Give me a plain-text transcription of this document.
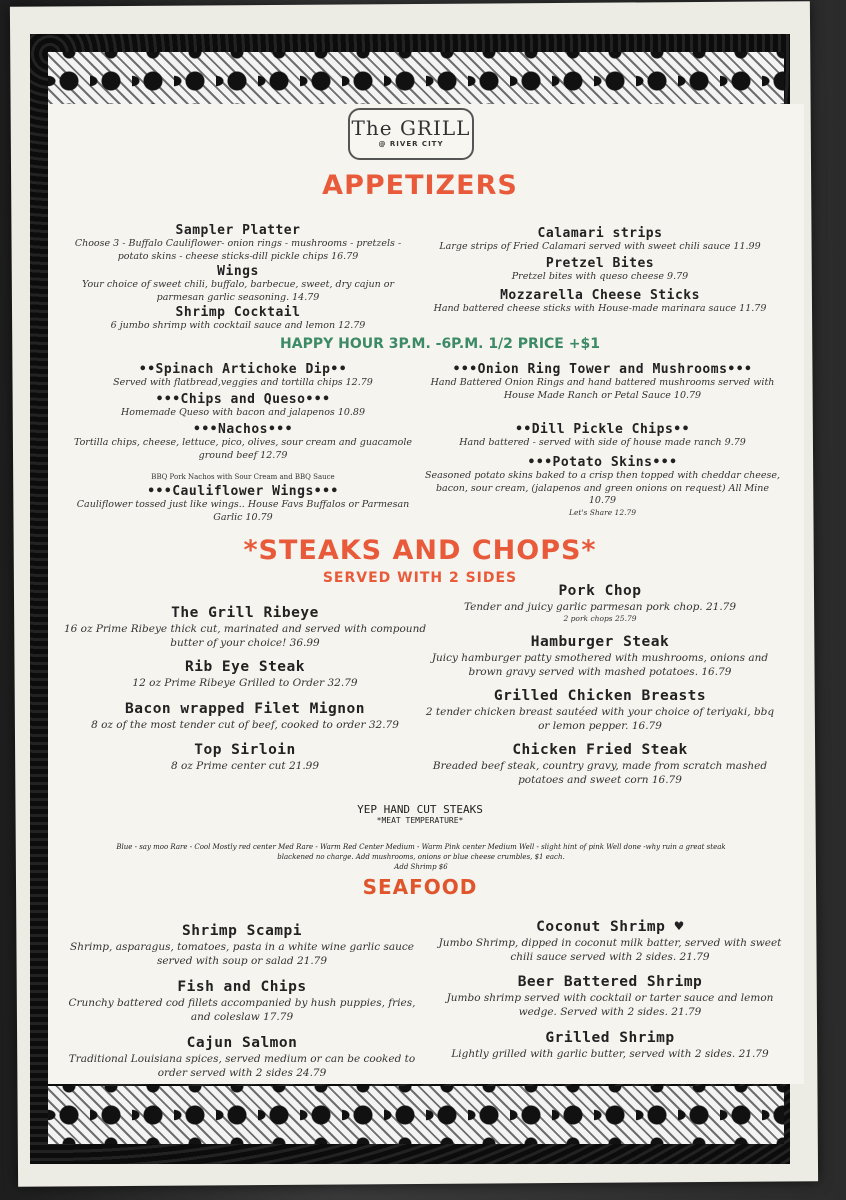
The GRILL
@ RIVER CITY
APPETIZERS
Sampler Platter
Choose 3 - Buffalo Cauliflower- onion rings - mushrooms - pretzels - potato skins - cheese sticks-dill pickle chips 16.79
Wings
Your choice of sweet chili, buffalo, barbecue, sweet, dry cajun or parmesan garlic seasoning. 14.79
Shrimp Cocktail
6 jumbo shrimp with cocktail sauce and lemon 12.79
Calamari strips
Large strips of Fried Calamari served with sweet chili sauce 11.99
Pretzel Bites
Pretzel bites with queso cheese 9.79
Mozzarella Cheese Sticks
Hand battered cheese sticks with House-made marinara sauce 11.79
HAPPY HOUR 3P.M. -6P.M. 1/2 PRICE +$1
••Spinach Artichoke Dip••
Served with flatbread,veggies and tortilla chips 12.79
•••Chips and Queso•••
Homemade Queso with bacon and jalapenos 10.89
•••Nachos•••
Tortilla chips, cheese, lettuce, pico, olives, sour cream and guacamole ground beef 12.79
BBQ Pork Nachos with Sour Cream and BBQ Sauce
•••Cauliflower Wings•••
Cauliflower tossed just like wings.. House Favs Buffalos or Parmesan Garlic 10.79
•••Onion Ring Tower and Mushrooms•••
Hand Battered Onion Rings and hand battered mushrooms served with House Made Ranch or Petal Sauce 10.79
••Dill Pickle Chips••
Hand battered - served with side of house made ranch 9.79
•••Potato Skins•••
Seasoned potato skins baked to a crisp then topped with cheddar cheese, bacon, sour cream, (jalapenos and green onions on request) All Mine 10.79
Let's Share 12.79
*STEAKS AND CHOPS*
SERVED WITH 2 SIDES
The Grill Ribeye
16 oz Prime Ribeye thick cut, marinated and served with compound butter of your choice! 36.99
Rib Eye Steak
12 oz Prime Ribeye Grilled to Order 32.79
Bacon wrapped Filet Mignon
8 oz of the most tender cut of beef, cooked to order 32.79
Top Sirloin
8 oz Prime center cut 21.99
Pork Chop
Tender and juicy garlic parmesan pork chop. 21.79
2 pork chops 25.79
Hamburger Steak
Juicy hamburger patty smothered with mushrooms, onions and brown gravy served with mashed potatoes. 16.79
Grilled Chicken Breasts
2 tender chicken breast sautéed with your choice of teriyaki, bbq or lemon pepper. 16.79
Chicken Fried Steak
Breaded beef steak, country gravy, made from scratch mashed potatoes and sweet corn 16.79
YEP HAND CUT STEAKS
*MEAT TEMPERATURE*
Blue - say moo Rare - Cool Mostly red center Med Rare - Warm Red Center Medium - Warm Pink center Medium Well - slight hint of pink Well done -why ruin a great steak
blackened no charge. Add mushrooms, onions or blue cheese crumbles, $1 each.
Add Shrimp $6
SEAFOOD
Shrimp Scampi
Shrimp, asparagus, tomatoes, pasta in a white wine garlic sauce served with soup or salad 21.79
Fish and Chips
Crunchy battered cod fillets accompanied by hush puppies, fries, and coleslaw 17.79
Cajun Salmon
Traditional Louisiana spices, served medium or can be cooked to order served with 2 sides 24.79
Coconut Shrimp ♥
Jumbo Shrimp, dipped in coconut milk batter, served with sweet chili sauce served with 2 sides. 21.79
Beer Battered Shrimp
Jumbo shrimp served with cocktail or tarter sauce and lemon wedge. Served with 2 sides. 21.79
Grilled Shrimp
Lightly grilled with garlic butter, served with 2 sides. 21.79
